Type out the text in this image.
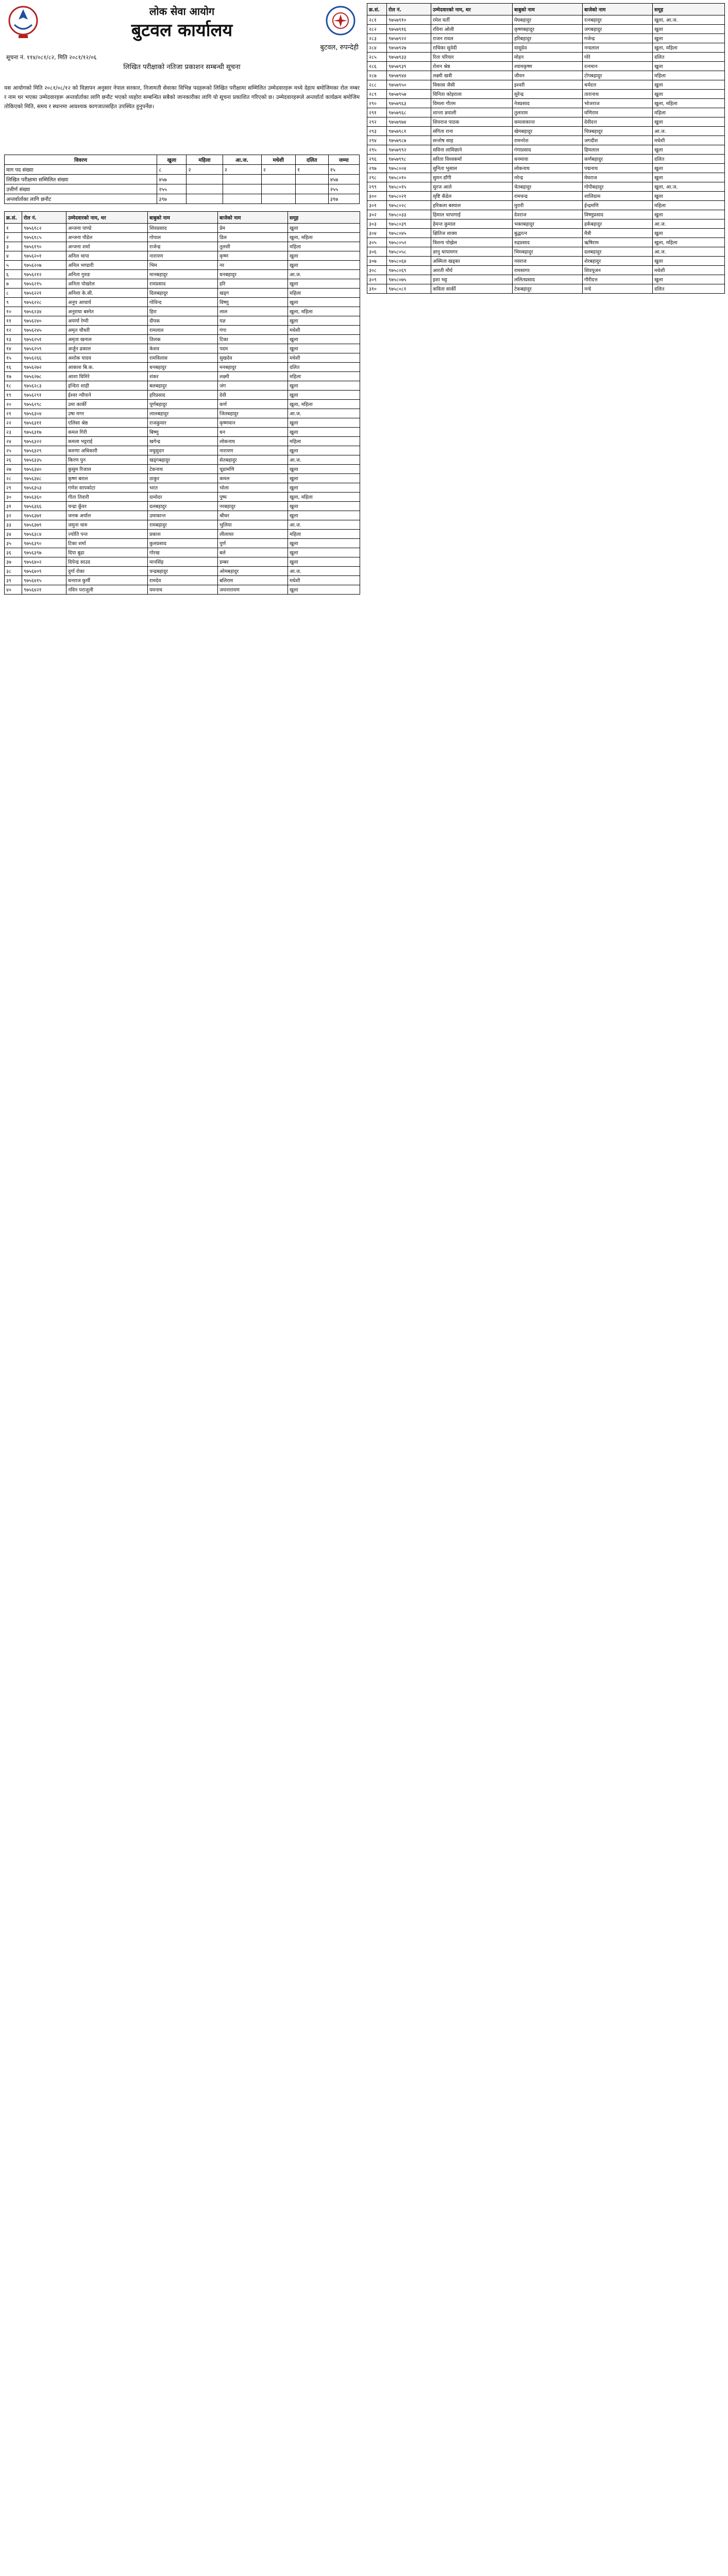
लोक सेवा आयोग
बुटवल कार्यालय
बुटवल, रुपन्देही
सूचना नं. ११४/०८१/८२, मिति २०८१/१२/०६
लिखित परीक्षाको नतिजा प्रकाशन सम्बन्धी सूचना
यस आयोगको मिति २०८१/०८/१२ को विज्ञापन अनुसार नेपाल सरकार, निजामती सेवाका विभिन्न पदहरूको लिखित परीक्षामा सम्मिलित उम्मेदवारहरू मध्ये देहाय बमोजिमका रोल नम्बर र नाम थर भएका उम्मेदवारहरू अन्तर्वार्ताका लागि छनौट भएको व्यहोरा सम्बन्धित सबैको जानकारीका लागि यो सूचना प्रकाशित गरिएको छ। उम्मेदवारहरूले अन्तर्वार्ता कार्यक्रम बमोजिम तोकिएको मिति, समय र स्थानमा आवश्यक कागजातसहित उपस्थित हुनुपर्नेछ।
विवरण	खुला	महिला	आ.ज.	मधेशी	दलित	जम्मा
माग पद संख्या	८	२	२	२	१	१५
लिखित परीक्षामा सम्मिलित संख्या	४५७					४५७
उत्तीर्ण संख्या	२५५					२५५
अन्तर्वार्ताका लागि छनौट	३९७					३९७
क्र.सं.	रोल नं.	उम्मेदवारको नाम, थर	बाबुको नाम	बाजेको नाम	समूह
१	९७५६१८२	अन्जना पाण्डे	शिवप्रसाद	प्रेम	खुला
२	९७५६१८५	अन्जना पौडेल	गोपाल	डिल	खुला, महिला
३	९७५६१९०	अन्जना शर्मा	राजेन्द्र	तुलसी	महिला
४	९७५६२०१	अनिल थापा	नारायण	कृष्ण	खुला
५	९७५६२०७	अनिल भण्डारी	भिम	नर	खुला
६	९७५६२१२	अनिता गुरुङ	मानबहादुर	धनबहादुर	आ.ज.
७	९७५६२१५	अनिता पोखरेल	रामप्रसाद	हरि	खुला
८	९७५६२२१	अनिशा के.सी.	दिलबहादुर	खड्ग	महिला
९	९७५६२२८	अनुप आचार्य	गोविन्द	विष्णु	खुला
१०	९७५६२३४	अनुराधा बस्नेत	हिरा	लाल	खुला, महिला
११	९७५६२४०	अपर्णा रेग्मी	दीपक	यज्ञ	खुला
१२	९७५६२४५	अमृत चौधरी	रामलाल	गंगा	मधेशी
१३	९७५६२५१	अमृता खनाल	तिलक	टिका	खुला
१४	९७५६२५९	अर्जुन ढकाल	केशव	पदम	खुला
१५	९७५६२६६	अशोक यादव	रामविलास	सुखदेव	मधेशी
१६	९७५६२७२	आकाश बि.क.	धनबहादुर	मनबहादुर	दलित
१७	९७५६२७८	आशा घिमिरे	शंकर	लक्ष्मी	महिला
१८	९७५६२८३	इन्दिरा शाही	बलबहादुर	जंग	खुला
१९	९७५६२९१	ईश्वर न्यौपाने	हरिप्रसाद	देवी	खुला
२०	९७५६२९८	उमा कार्की	पूर्णबहादुर	कर्ण	खुला, महिला
२१	९७५६३०४	उषा मगर	लालबहादुर	जितबहादुर	आ.ज.
२२	९७५६३११	एलिसा श्रेष्ठ	राजकुमार	कृष्णमान	खुला
२३	९७५६३१७	कमल गिरी	बिष्णु	धन	खुला
२४	९७५६३२२	कमला भट्टराई	खगेन्द्र	लोकनाथ	महिला
२५	९७५६३२९	करुणा अधिकारी	मधुसुदन	नारायण	खुला
२६	९७५६३३५	किरण पुन	खड्गबहादुर	सेतबहादुर	आ.ज.
२७	९७५६३४०	कुसुम रिजाल	टेकनाथ	चूडामणि	खुला
२८	९७५६३४८	कृष्ण बराल	ठाकुर	कमल	खुला
२९	९७५६३५३	गणेश सापकोटा	भरत	भोला	खुला
३०	९७५६३६०	गीता तिवारी	दामोदर	पुष्प	खुला, महिला
३१	९७५६३६६	चन्द्रा कुँवर	दलबहादुर	नरबहादुर	खुला
३२	९७५६३७१	जनक अर्याल	उमाकान्त	श्रीधर	खुला
३३	९७५६३७९	जमुना थारु	रामबहादुर	भुलिया	आ.ज.
३४	९७५६३८४	ज्योति पन्त	प्रकाश	लीलाधर	महिला
३५	९७५६३९०	टिका शर्मा	कुलप्रसाद	पुर्ण	खुला
३६	९७५६३९७	दिपा बुढा	गोरख	बले	खुला
३७	९७५६४०२	दिपेन्द्र साउद	मानसिंह	डम्बर	खुला
३८	९७५६४०९	दुर्गा रोका	चन्द्रबहादुर	ओमबहादुर	आ.ज.
३९	९७५६४१५	धनराज कुर्मी	रामदेव	बलिराम	मधेशी
४०	९७५६४२१	नविन पराजुली	यमनाथ	जयनारायण	खुला
क्र.सं.	रोल नं.	उम्मेदवारको नाम, थर	बाबुको नाम	बाजेको नाम	समूह
२८१	९७५७९१०	रमेश घर्ती	मेघबहादुर	रत्नबहादुर	खुला, आ.ज.
२८२	९७५७९१६	रविना ओली	कृष्णबहादुर	जगबहादुर	खुला
२८३	९७५७९२२	राजन रावल	हरिबहादुर	गजेन्द्र	खुला
२८४	९७५७९२७	राधिका सुवेदी	वासुदेव	नन्दलाल	खुला, महिला
२८५	९७५७९३३	रिता परियार	मोहन	गोरे	दलित
२८६	९७५७९३९	रोशन श्रेष्ठ	श्यामकृष्ण	रत्नमान	खुला
२८७	९७५७९४४	लक्ष्मी खत्री	जीवन	टोपबहादुर	महिला
२८८	९७५७९५०	विकास जैसी	इश्वरी	धर्मदत्त	खुला
२८९	९७५७९५७	विनिता कोइराला	सुरेन्द्र	तारानाथ	खुला
२९०	९७५७९६३	विमला गौतम	नेत्रप्रसाद	भोजराज	खुला, महिला
२९१	९७५७९६८	शान्ता ज्ञवाली	तुलाराम	मणिराम	महिला
२९२	९७५७९७४	शिवराज पाठक	कमलाकान्त	देवीदत्त	खुला
२९३	९७५७९८१	संगिता राना	खेमबहादुर	चित्रबहादुर	आ.ज.
२९४	९७५७९८७	सन्तोष साह	रामनरेश	जगदीश	मधेशी
२९५	९७५७९९२	सविना लामिछाने	गंगाप्रसाद	हिमलाल	खुला
२९६	९७५७९९८	सरिता विश्वकर्मा	धनमाया	कर्णबहादुर	दलित
२९७	९७५८००४	सुनिता भुसाल	लोकनाथ	पद्मनाथ	खुला
२९८	९७५८०१०	सुमन डाँगी	नरेन्द्र	मेघराज	खुला
२९९	९७५८०१५	सुरज आले	चेतबहादुर	गोपीबहादुर	खुला, आ.ज.
३००	९७५८०२१	सृष्टि कँडेल	रामचन्द्र	शालिग्राम	खुला
३०१	९७५८०२८	हरिकला बस्याल	मुरारी	ईन्द्रमणि	महिला
३०२	९७५८०३३	हिमाल चापागाई	देवराज	विष्णुप्रसाद	खुला
३०३	९७५८०३९	हेमन्त कुमाल	भक्तबहादुर	हर्कबहादुर	आ.ज.
३०४	९७५८०४५	क्षितिज शाक्य	बुद्धरत्न	मैत्री	खुला
३०५	९७५८०५२	त्रिशना पोख्रेल	रुद्रप्रसाद	ऋषिराम	खुला, महिला
३०६	९७५८०५८	ज्ञानु थापामगर	भिमबहादुर	दलबहादुर	आ.ज.
३०७	९७५८०६४	अस्मिता खड्का	नवराज	शेरबहादुर	खुला
३०८	९७५८०६९	आरती मौर्य	रामसागर	शिवपूजन	मधेशी
३०९	९७५८०७५	इशा भट्ट	ललितप्रसाद	गौरीदत्त	खुला
३१०	९७५८०८१	कविता सार्की	टेकबहादुर	नन्दे	दलित
